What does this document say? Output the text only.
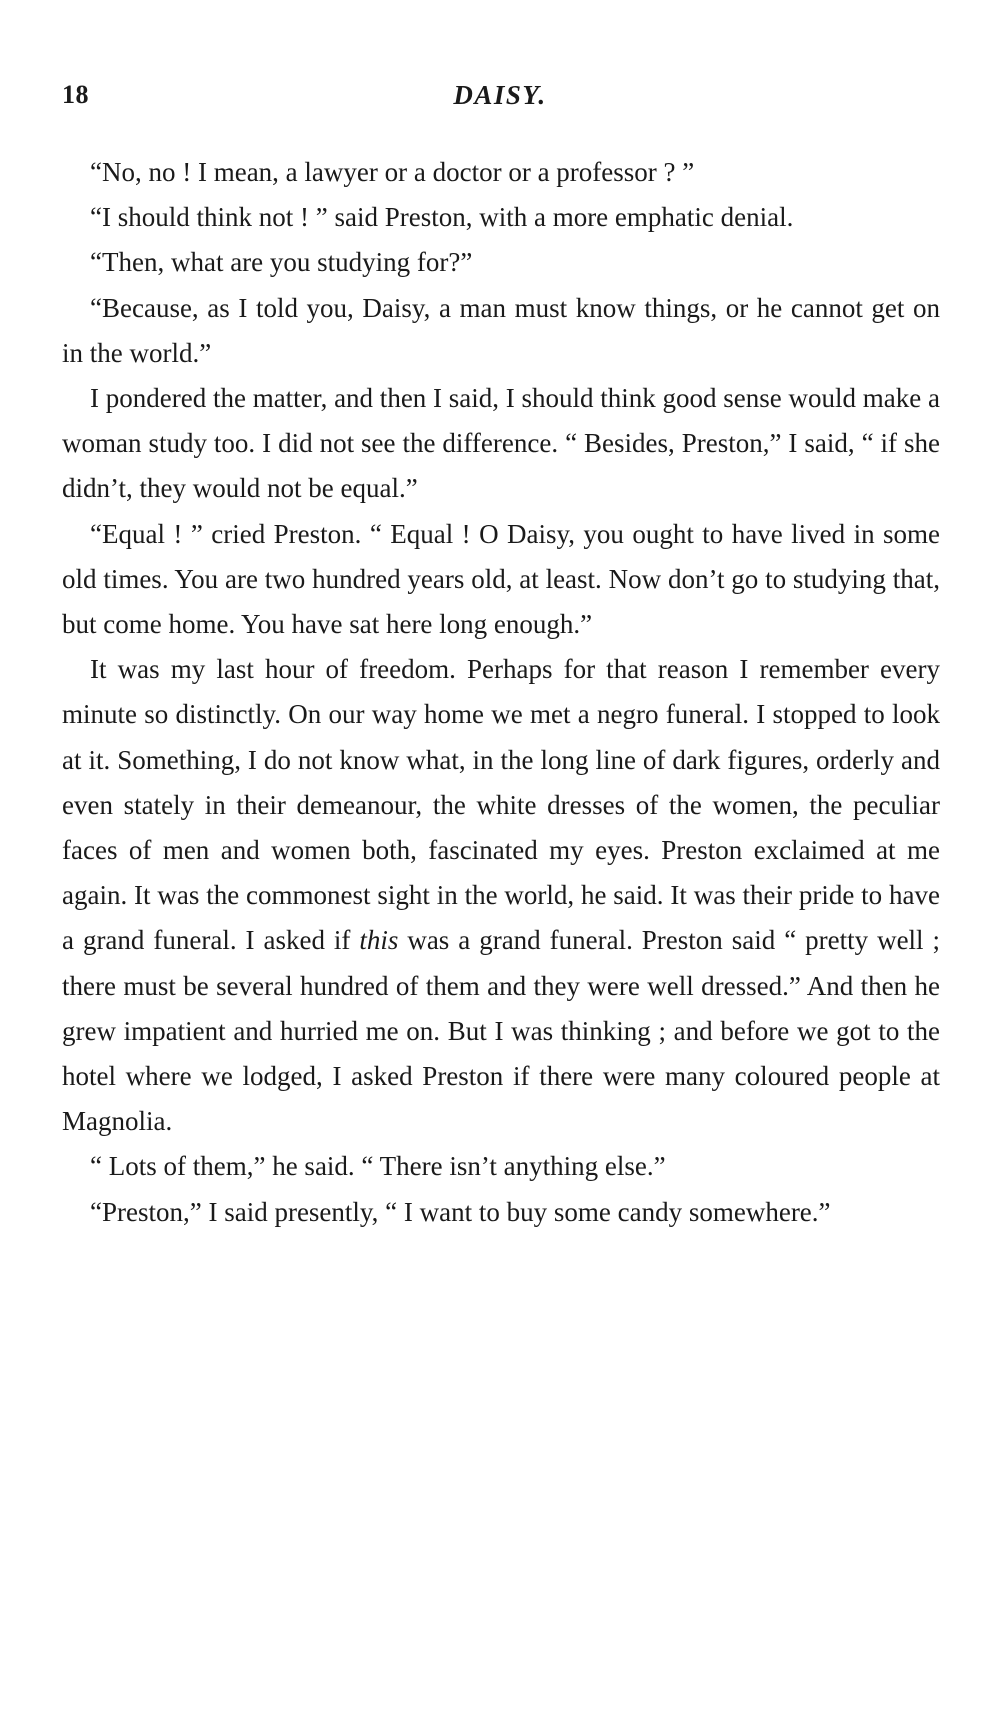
18	DAISY.

“No, no ! I mean, a lawyer or a doctor or a professor ? ”

“I should think not ! ” said Preston, with a more emphatic denial.

“Then, what are you studying for?”

“Because, as I told you, Daisy, a man must know things, or he cannot get on in the world.”

I pondered the matter, and then I said, I should think good sense would make a woman study too. I did not see the difference. “ Besides, Preston,” I said, “ if she didn’t, they would not be equal.”

“Equal ! ” cried Preston. “ Equal ! O Daisy, you ought to have lived in some old times. You are two hundred years old, at least. Now don’t go to studying that, but come home. You have sat here long enough.”

It was my last hour of freedom. Perhaps for that reason I remember every minute so distinctly. On our way home we met a negro funeral. I stopped to look at it. Something, I do not know what, in the long line of dark figures, orderly and even stately in their demeanour, the white dresses of the women, the peculiar faces of men and women both, fascinated my eyes. Preston exclaimed at me again. It was the commonest sight in the world, he said. It was their pride to have a grand funeral. I asked if this was a grand funeral. Preston said “ pretty well ; there must be several hundred of them and they were well dressed.” And then he grew impatient and hurried me on. But I was thinking ; and before we got to the hotel where we lodged, I asked Preston if there were many coloured people at Magnolia.

“ Lots of them,” he said. “ There isn’t anything else.”

“Preston,” I said presently, “ I want to buy some candy somewhere.”
